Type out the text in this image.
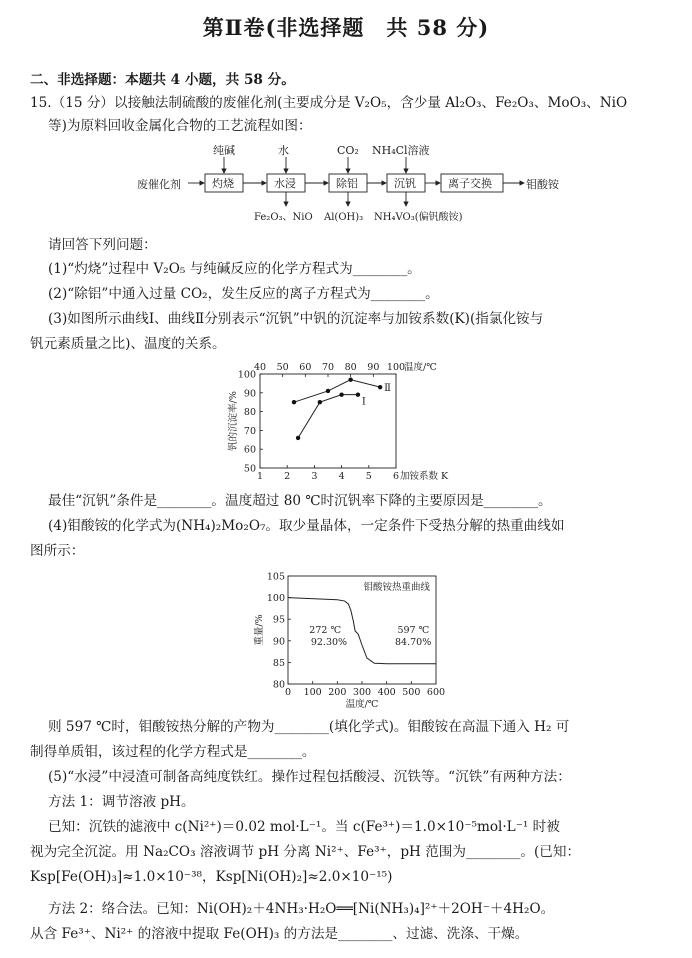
第Ⅱ卷(非选择题　共 58 分)
二、非选择题：本题共 4 小题，共 58 分。
15.（15 分）以接触法制硫酸的废催化剂(主要成分是 V₂O₅，含少量 Al₂O₃、Fe₂O₃、MoO₃、NiO
等)为原料回收金属化合物的工艺流程如图：
纯碱	水	CO₂ NH₄Cl溶液
废催化剂	钼酸铵
灼烧	水浸	除铝	沉钒	离子交换
Fe₂O₃、NiO Al(OH)₃ NH₄VO₃(偏钒酸铵)
请回答下列问题：
(1)“灼烧”过程中 V₂O₅ 与纯碱反应的化学方程式为________。
(2)“除铝”中通入过量 CO₂，发生反应的离子方程式为________。
(3)如图所示曲线Ⅰ、曲线Ⅱ分别表示“沉钒”中钒的沉淀率与加铵系数(K)(指氯化铵与
钒元素质量之比)、温度的关系。
50
60
70
80
90
100
1 2 3 4 5 6
40 50 60 70 80 90 100
加铵系数 K
温度/℃
钒的沉淀率/%	Ⅰ
Ⅱ
最佳“沉钒”条件是________。温度超过 80 ℃时沉钒率下降的主要原因是________。
(4)钼酸铵的化学式为(NH₄)₂Mo₂O₇。取少量晶体，一定条件下受热分解的热重曲线如
图所示：
80
85
90
95
100
105
0 100 200 300 400 500 600
温度/℃
重量/%
钼酸铵热重曲线
272 ℃
92.30%
597 ℃
84.70%
则 597 ℃时，钼酸铵热分解的产物为________(填化学式)。钼酸铵在高温下通入 H₂ 可
制得单质钼，该过程的化学方程式是________。
(5)“水浸”中浸渣可制备高纯度铁红。操作过程包括酸浸、沉铁等。“沉铁”有两种方法：
方法 1：调节溶液 pH。
已知：沉铁的滤液中 c(Ni²⁺)＝0.02 mol·L⁻¹。当 c(Fe³⁺)＝1.0×10⁻⁵mol·L⁻¹ 时被
视为完全沉淀。用 Na₂CO₃ 溶液调节 pH 分离 Ni²⁺、Fe³⁺，pH 范围为________。(已知：
Ksp[Fe(OH)₃]≈1.0×10⁻³⁸，Ksp[Ni(OH)₂]≈2.0×10⁻¹⁵)
方法 2：络合法。已知：Ni(OH)₂＋4NH₃·H₂O══[Ni(NH₃)₄]²⁺＋2OH⁻＋4H₂O。
从含 Fe³⁺、Ni²⁺ 的溶液中提取 Fe(OH)₃ 的方法是________、过滤、洗涤、干燥。
